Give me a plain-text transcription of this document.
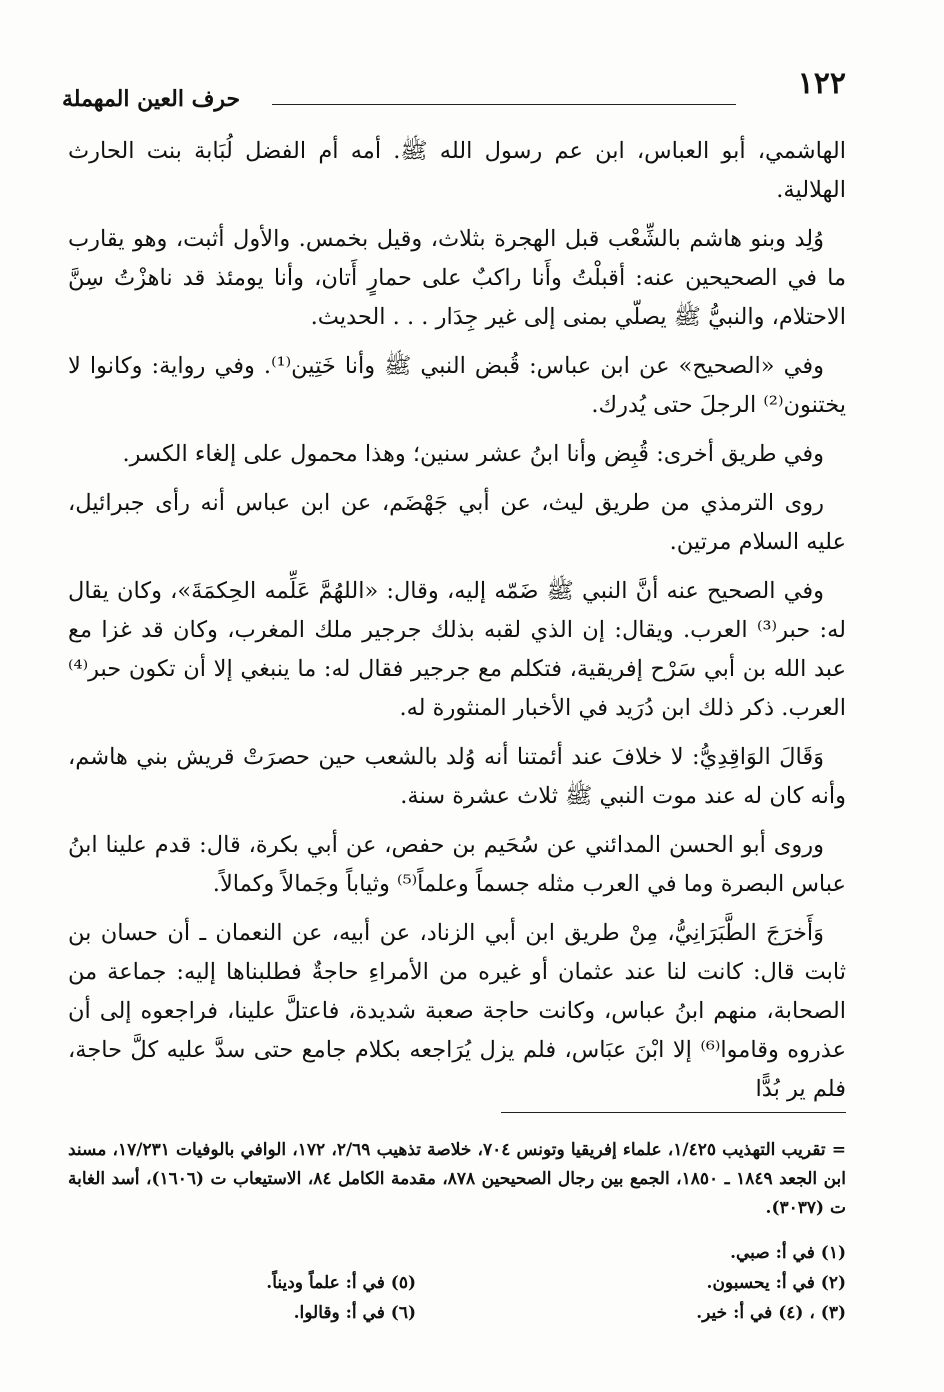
١٢٢
حرف العين المهملة

الهاشمي، أبو العباس، ابن عم رسول الله ﷺ. أمه أم الفضل لُبَابة بنت الحارث الهلالية.

وُلِد وبنو هاشم بالشِّعْب قبل الهجرة بثلاث، وقيل بخمس. والأول أثبت، وهو يقارب ما في الصحيحين عنه: أقبلْتُ وأَنا راكبٌ على حمارٍ أَتان، وأنا يومئذ قد ناهزْتُ سِنَّ الاحتلام، والنبيُّ ﷺ يصلّي بمنى إلى غير جِدَار . . . الحديث.

وفي «الصحيح» عن ابن عباس: قُبض النبي ﷺ وأنا خَتِين⁽¹⁾. وفي رواية: وكانوا لا يختنون⁽²⁾ الرجلَ حتى يُدرك.

وفي طريق أخرى: قُبِض وأنا ابنُ عشر سنين؛ وهذا محمول على إلغاء الكسر.

روى الترمذي من طريق ليث، عن أبي جَهْضَم، عن ابن عباس أنه رأى جبرائيل، عليه السلام مرتين.

وفي الصحيح عنه أنَّ النبي ﷺ ضَمّه إليه، وقال: «اللهُمَّ عَلِّمه الحِكمَةَ»، وكان يقال له: حبر⁽³⁾ العرب. ويقال: إن الذي لقبه بذلك جرجير ملك المغرب، وكان قد غزا مع عبد الله بن أبي سَرْح إفريقية، فتكلم مع جرجير فقال له: ما ينبغي إلا أن تكون حبر⁽⁴⁾ العرب. ذكر ذلك ابن دُرَيد في الأخبار المنثورة له.

وَقَالَ الوَاقِدِيُّ: لا خلافَ عند أئمتنا أنه وُلد بالشعب حين حصرَتْ قريش بني هاشم، وأنه كان له عند موت النبي ﷺ ثلاث عشرة سنة.

وروى أبو الحسن المدائني عن سُحَيم بن حفص، عن أبي بكرة، قال: قدم علينا ابنُ عباس البصرة وما في العرب مثله جسماً وعلماً⁽⁵⁾ وثياباً وجَمالاً وكمالاً.

وَأَخرَجَ الطَّبَرَانِيُّ، مِنْ طريق ابن أبي الزناد، عن أبيه، عن النعمان ـ أن حسان بن ثابت قال: كانت لنا عند عثمان أو غيره من الأمراءِ حاجةٌ فطلبناها إليه: جماعة من الصحابة، منهم ابنُ عباس، وكانت حاجة صعبة شديدة، فاعتلَّ علينا، فراجعوه إلى أن عذروه وقاموا⁽⁶⁾ إلا ابْنَ عبَاس، فلم يزل يُرَاجعه بكلام جامع حتى سدَّ عليه كلَّ حاجة، فلم ير بُدًّا

= تقريب التهذيب ١/٤٢٥، علماء إفريقيا وتونس ٧٠٤، خلاصة تذهيب ٢/٦٩، ١٧٢، الوافي بالوفيات ١٧/٢٣١، مسند ابن الجعد ١٨٤٩ ـ ١٨٥٠، الجمع بين رجال الصحيحين ٨٧٨، مقدمة الكامل ٨٤، الاستيعاب ت (١٦٠٦)، أسد الغابة ت (٣٠٣٧).
(١) في أ: صبي.
(٢) في أ: يحسبون.
(٥) في أ: علماً وديناً.
(٣) ، (٤) في أ: خير.
(٦) في أ: وقالوا.
